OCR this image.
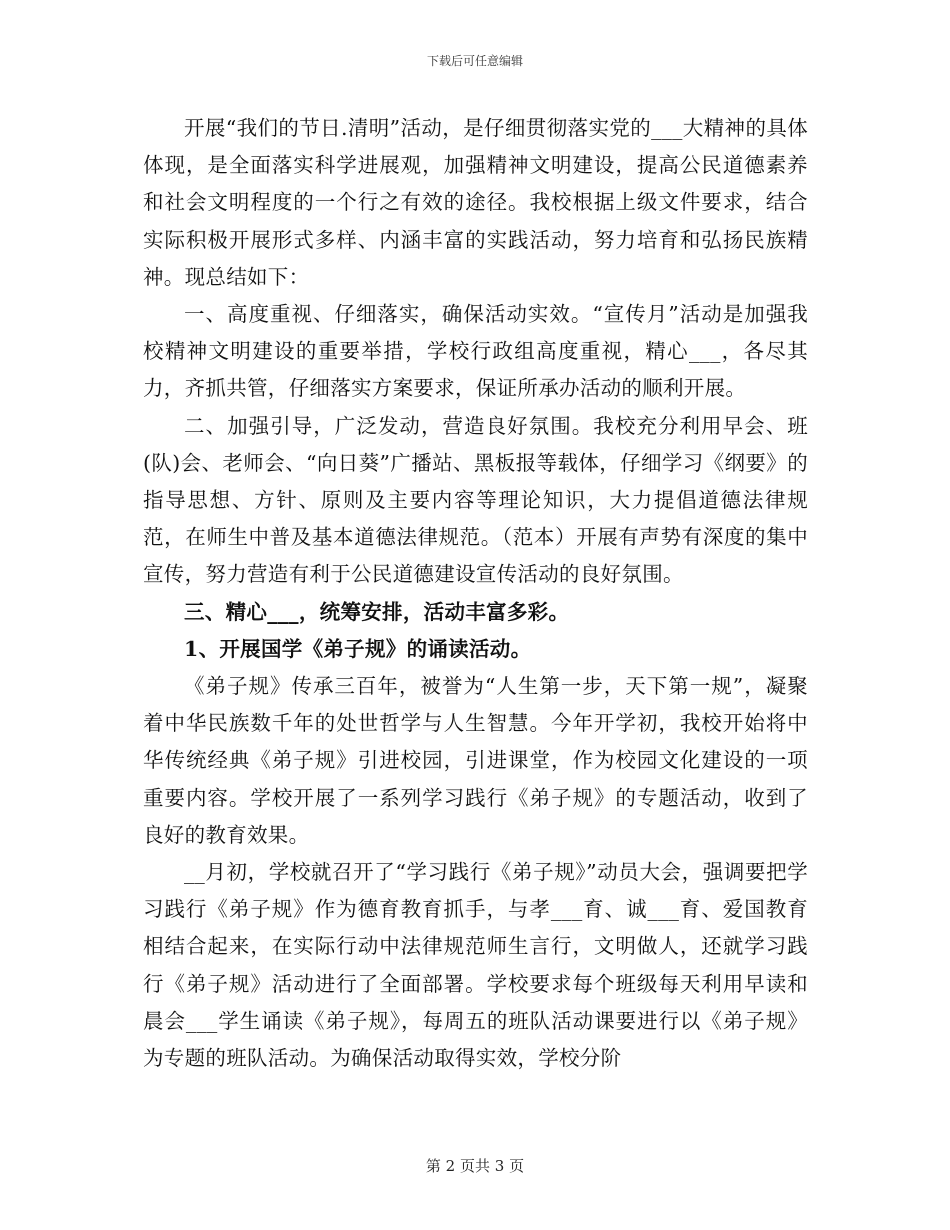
下载后可任意编辑

开展“我们的节日.清明”活动，是仔细贯彻落实党的___大精神的具体体现，是全面落实科学进展观，加强精神文明建设，提高公民道德素养和社会文明程度的一个行之有效的途径。我校根据上级文件要求，结合实际积极开展形式多样、内涵丰富的实践活动，努力培育和弘扬民族精神。现总结如下：

一、高度重视、仔细落实，确保活动实效。“宣传月”活动是加强我校精神文明建设的重要举措，学校行政组高度重视，精心___，各尽其力，齐抓共管，仔细落实方案要求，保证所承办活动的顺利开展。

二、加强引导，广泛发动，营造良好氛围。我校充分利用早会、班(队)会、老师会、“向日葵”广播站、黑板报等载体，仔细学习《纲要》的指导思想、方针、原则及主要内容等理论知识，大力提倡道德法律规范，在师生中普及基本道德法律规范。（范本）开展有声势有深度的集中宣传，努力营造有利于公民道德建设宣传活动的良好氛围。

三、精心___，统筹安排，活动丰富多彩。

1、开展国学《弟子规》的诵读活动。

《弟子规》传承三百年，被誉为“人生第一步，天下第一规”，凝聚着中华民族数千年的处世哲学与人生智慧。今年开学初，我校开始将中华传统经典《弟子规》引进校园，引进课堂，作为校园文化建设的一项重要内容。学校开展了一系列学习践行《弟子规》的专题活动，收到了良好的教育效果。

__月初，学校就召开了“学习践行《弟子规》”动员大会，强调要把学习践行《弟子规》作为德育教育抓手，与孝___育、诚___育、爱国教育相结合起来，在实际行动中法律规范师生言行，文明做人，还就学习践行《弟子规》活动进行了全面部署。学校要求每个班级每天利用早读和晨会___学生诵读《弟子规》，每周五的班队活动课要进行以《弟子规》为专题的班队活动。为确保活动取得实效，学校分阶

第 2 页共 3 页
